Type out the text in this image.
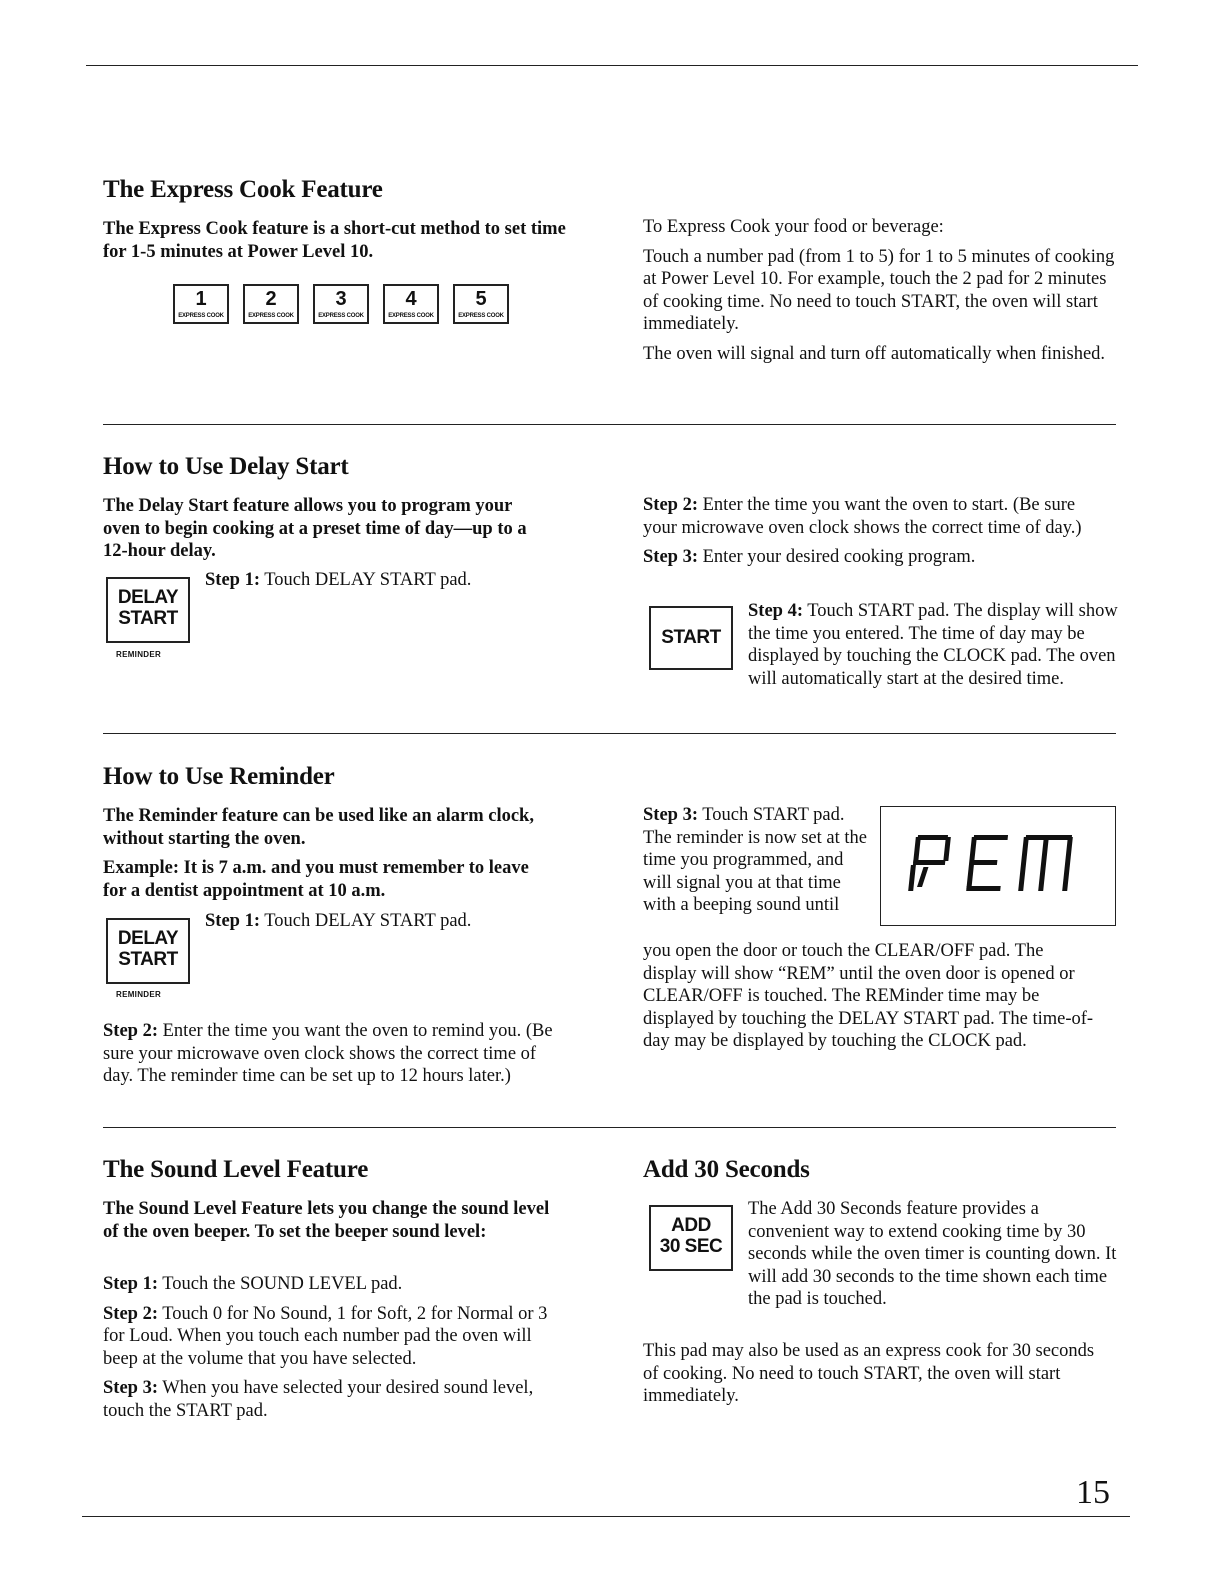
The Express Cook Feature

The Express Cook feature is a short-cut method to set time for 1-5 minutes at Power Level 10.

1
EXPRESS COOK
2
EXPRESS COOK
3
EXPRESS COOK
4
EXPRESS COOK
5
EXPRESS COOK

To Express Cook your food or beverage:

Touch a number pad (from 1 to 5) for 1 to 5 minutes of cooking at Power Level 10. For example, touch the 2 pad for 2 minutes of cooking time. No need to touch START, the oven will start immediately.

The oven will signal and turn off automatically when finished.

How to Use Delay Start

The Delay Start feature allows you to program your oven to begin cooking at a preset time of day—up to a 12-hour delay.

DELAY
START
REMINDER

Step 1: Touch DELAY START pad.

Step 2: Enter the time you want the oven to start. (Be sure your microwave oven clock shows the correct time of day.)

Step 3: Enter your desired cooking program.

START

Step 4: Touch START pad. The display will show the time you entered. The time of day may be displayed by touching the CLOCK pad. The oven will automatically start at the desired time.

How to Use Reminder

The Reminder feature can be used like an alarm clock, without starting the oven.

Example: It is 7 a.m. and you must remember to leave for a dentist appointment at 10 a.m.

DELAY
START
REMINDER

Step 1: Touch DELAY START pad.

Step 2: Enter the time you want the oven to remind you. (Be sure your microwave oven clock shows the correct time of day. The reminder time can be set up to 12 hours later.)

Step 3: Touch START pad. The reminder is now set at the time you programmed, and will signal you at that time with a beeping sound until

you open the door or touch the CLEAR/OFF pad. The display will show “REM” until the oven door is opened or CLEAR/OFF is touched. The REMinder time may be displayed by touching the DELAY START pad. The time-of-day may be displayed by touching the CLOCK pad.

REM
The Sound Level Feature

The Sound Level Feature lets you change the sound level of the oven beeper. To set the beeper sound level:

Step 1: Touch the SOUND LEVEL pad.

Step 2: Touch 0 for No Sound, 1 for Soft, 2 for Normal or 3 for Loud. When you touch each number pad the oven will beep at the volume that you have selected.

Step 3: When you have selected your desired sound level, touch the START pad.

Add 30 Seconds
ADD
30 SEC

The Add 30 Seconds feature provides a convenient way to extend cooking time by 30 seconds while the oven timer is counting down. It will add 30 seconds to the time shown each time the pad is touched.

This pad may also be used as an express cook for 30 seconds of cooking. No need to touch START, the oven will start immediately.

15
